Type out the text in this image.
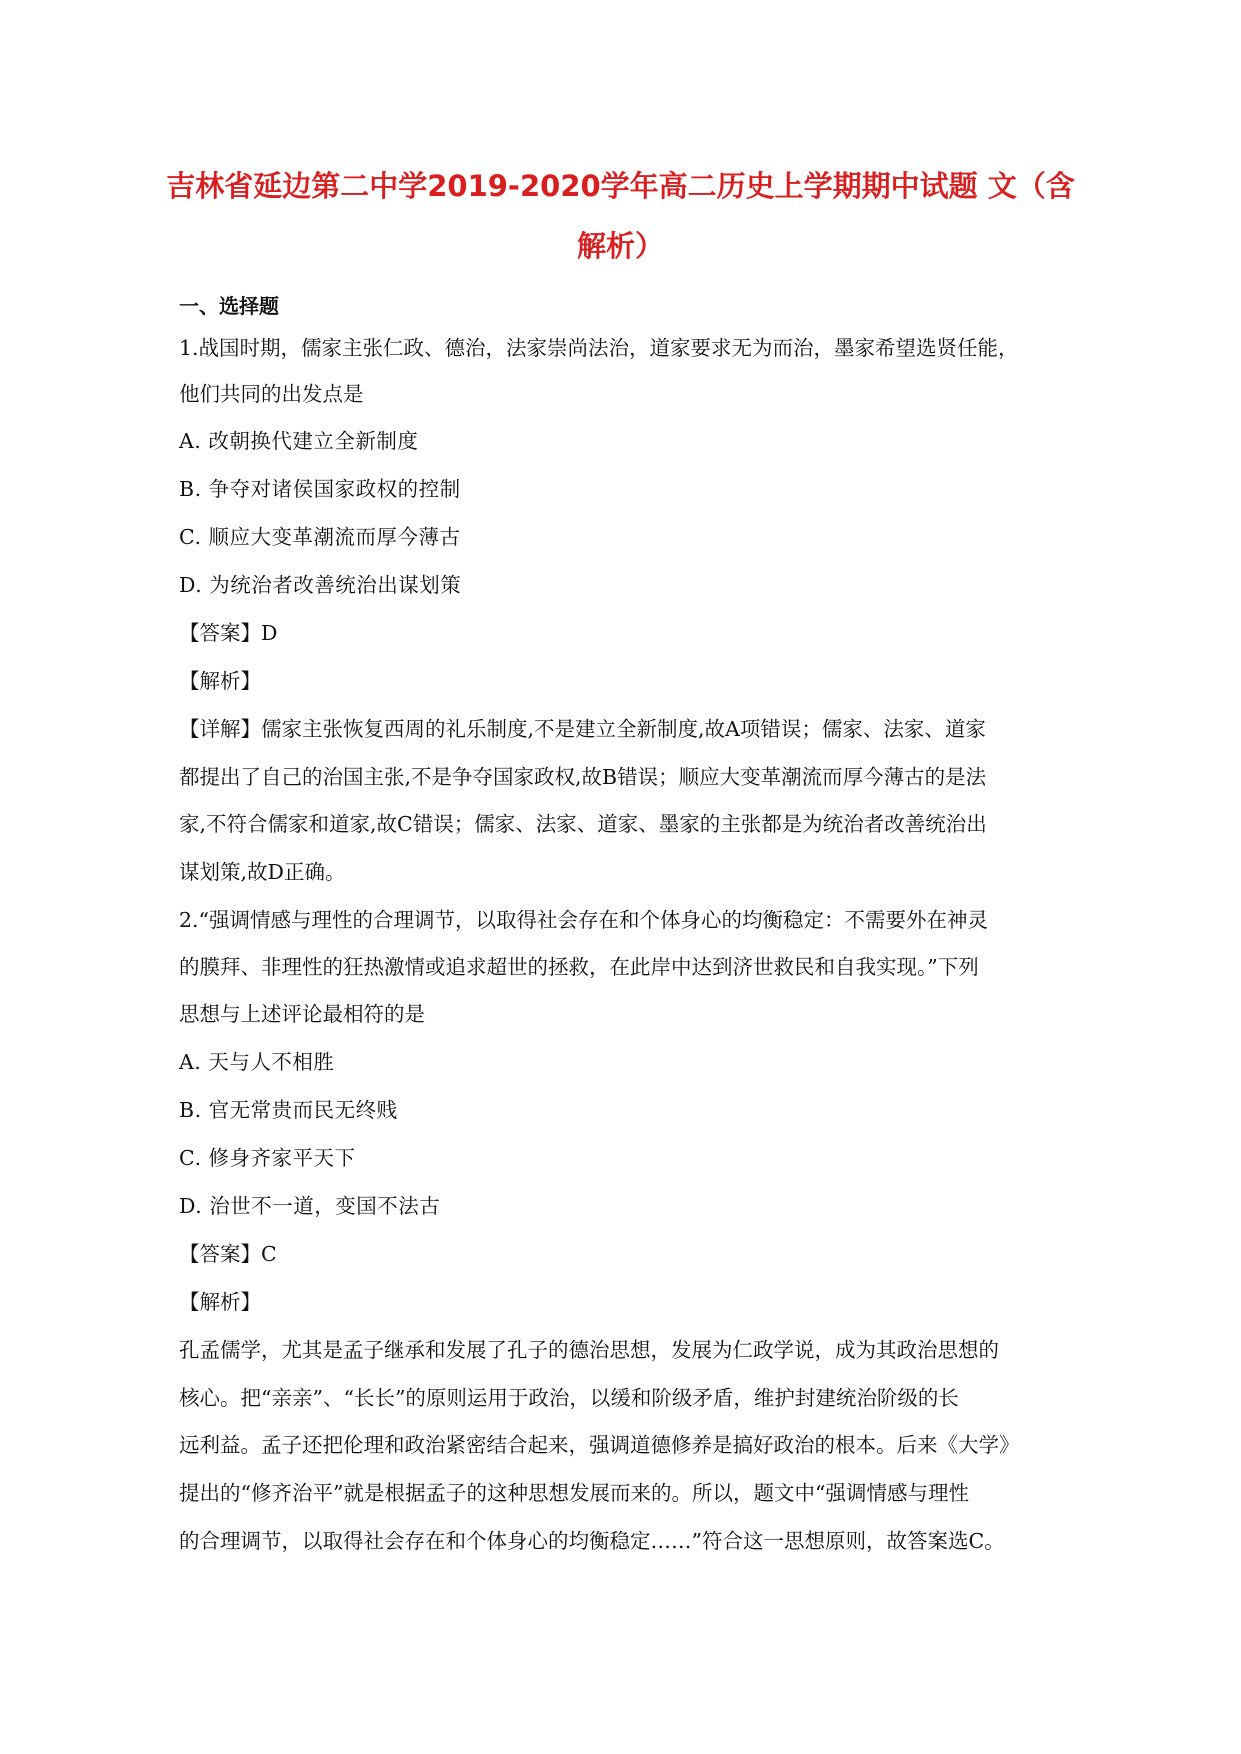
吉林省延边第二中学2019-2020学年高二历史上学期期中试题 文（含
解析）
一、选择题
1.战国时期，儒家主张仁政、德治，法家崇尚法治，道家要求无为而治，墨家希望选贤任能，
他们共同的出发点是
A. 改朝换代建立全新制度
B. 争夺对诸侯国家政权的控制
C. 顺应大变革潮流而厚今薄古
D. 为统治者改善统治出谋划策
【答案】D
【解析】
【详解】儒家主张恢复西周的礼乐制度,不是建立全新制度,故A项错误；儒家、法家、道家
都提出了自己的治国主张,不是争夺国家政权,故B错误；顺应大变革潮流而厚今薄古的是法
家,不符合儒家和道家,故C错误；儒家、法家、道家、墨家的主张都是为统治者改善统治出
谋划策,故D正确。
2.“强调情感与理性的合理调节，以取得社会存在和个体身心的均衡稳定：不需要外在神灵
的膜拜、非理性的狂热激情或追求超世的拯救，在此岸中达到济世救民和自我实现。”下列
思想与上述评论最相符的是
A. 天与人不相胜
B. 官无常贵而民无终贱
C. 修身齐家平天下
D. 治世不一道，变国不法古
【答案】C
【解析】
孔孟儒学，尤其是孟子继承和发展了孔子的德治思想，发展为仁政学说，成为其政治思想的
核心。把“亲亲”、“长长”的原则运用于政治，以缓和阶级矛盾，维护封建统治阶级的长
远利益。孟子还把伦理和政治紧密结合起来，强调道德修养是搞好政治的根本。后来《大学》
提出的“修齐治平”就是根据孟子的这种思想发展而来的。所以，题文中“强调情感与理性
的合理调节，以取得社会存在和个体身心的均衡稳定……”符合这一思想原则，故答案选C。
